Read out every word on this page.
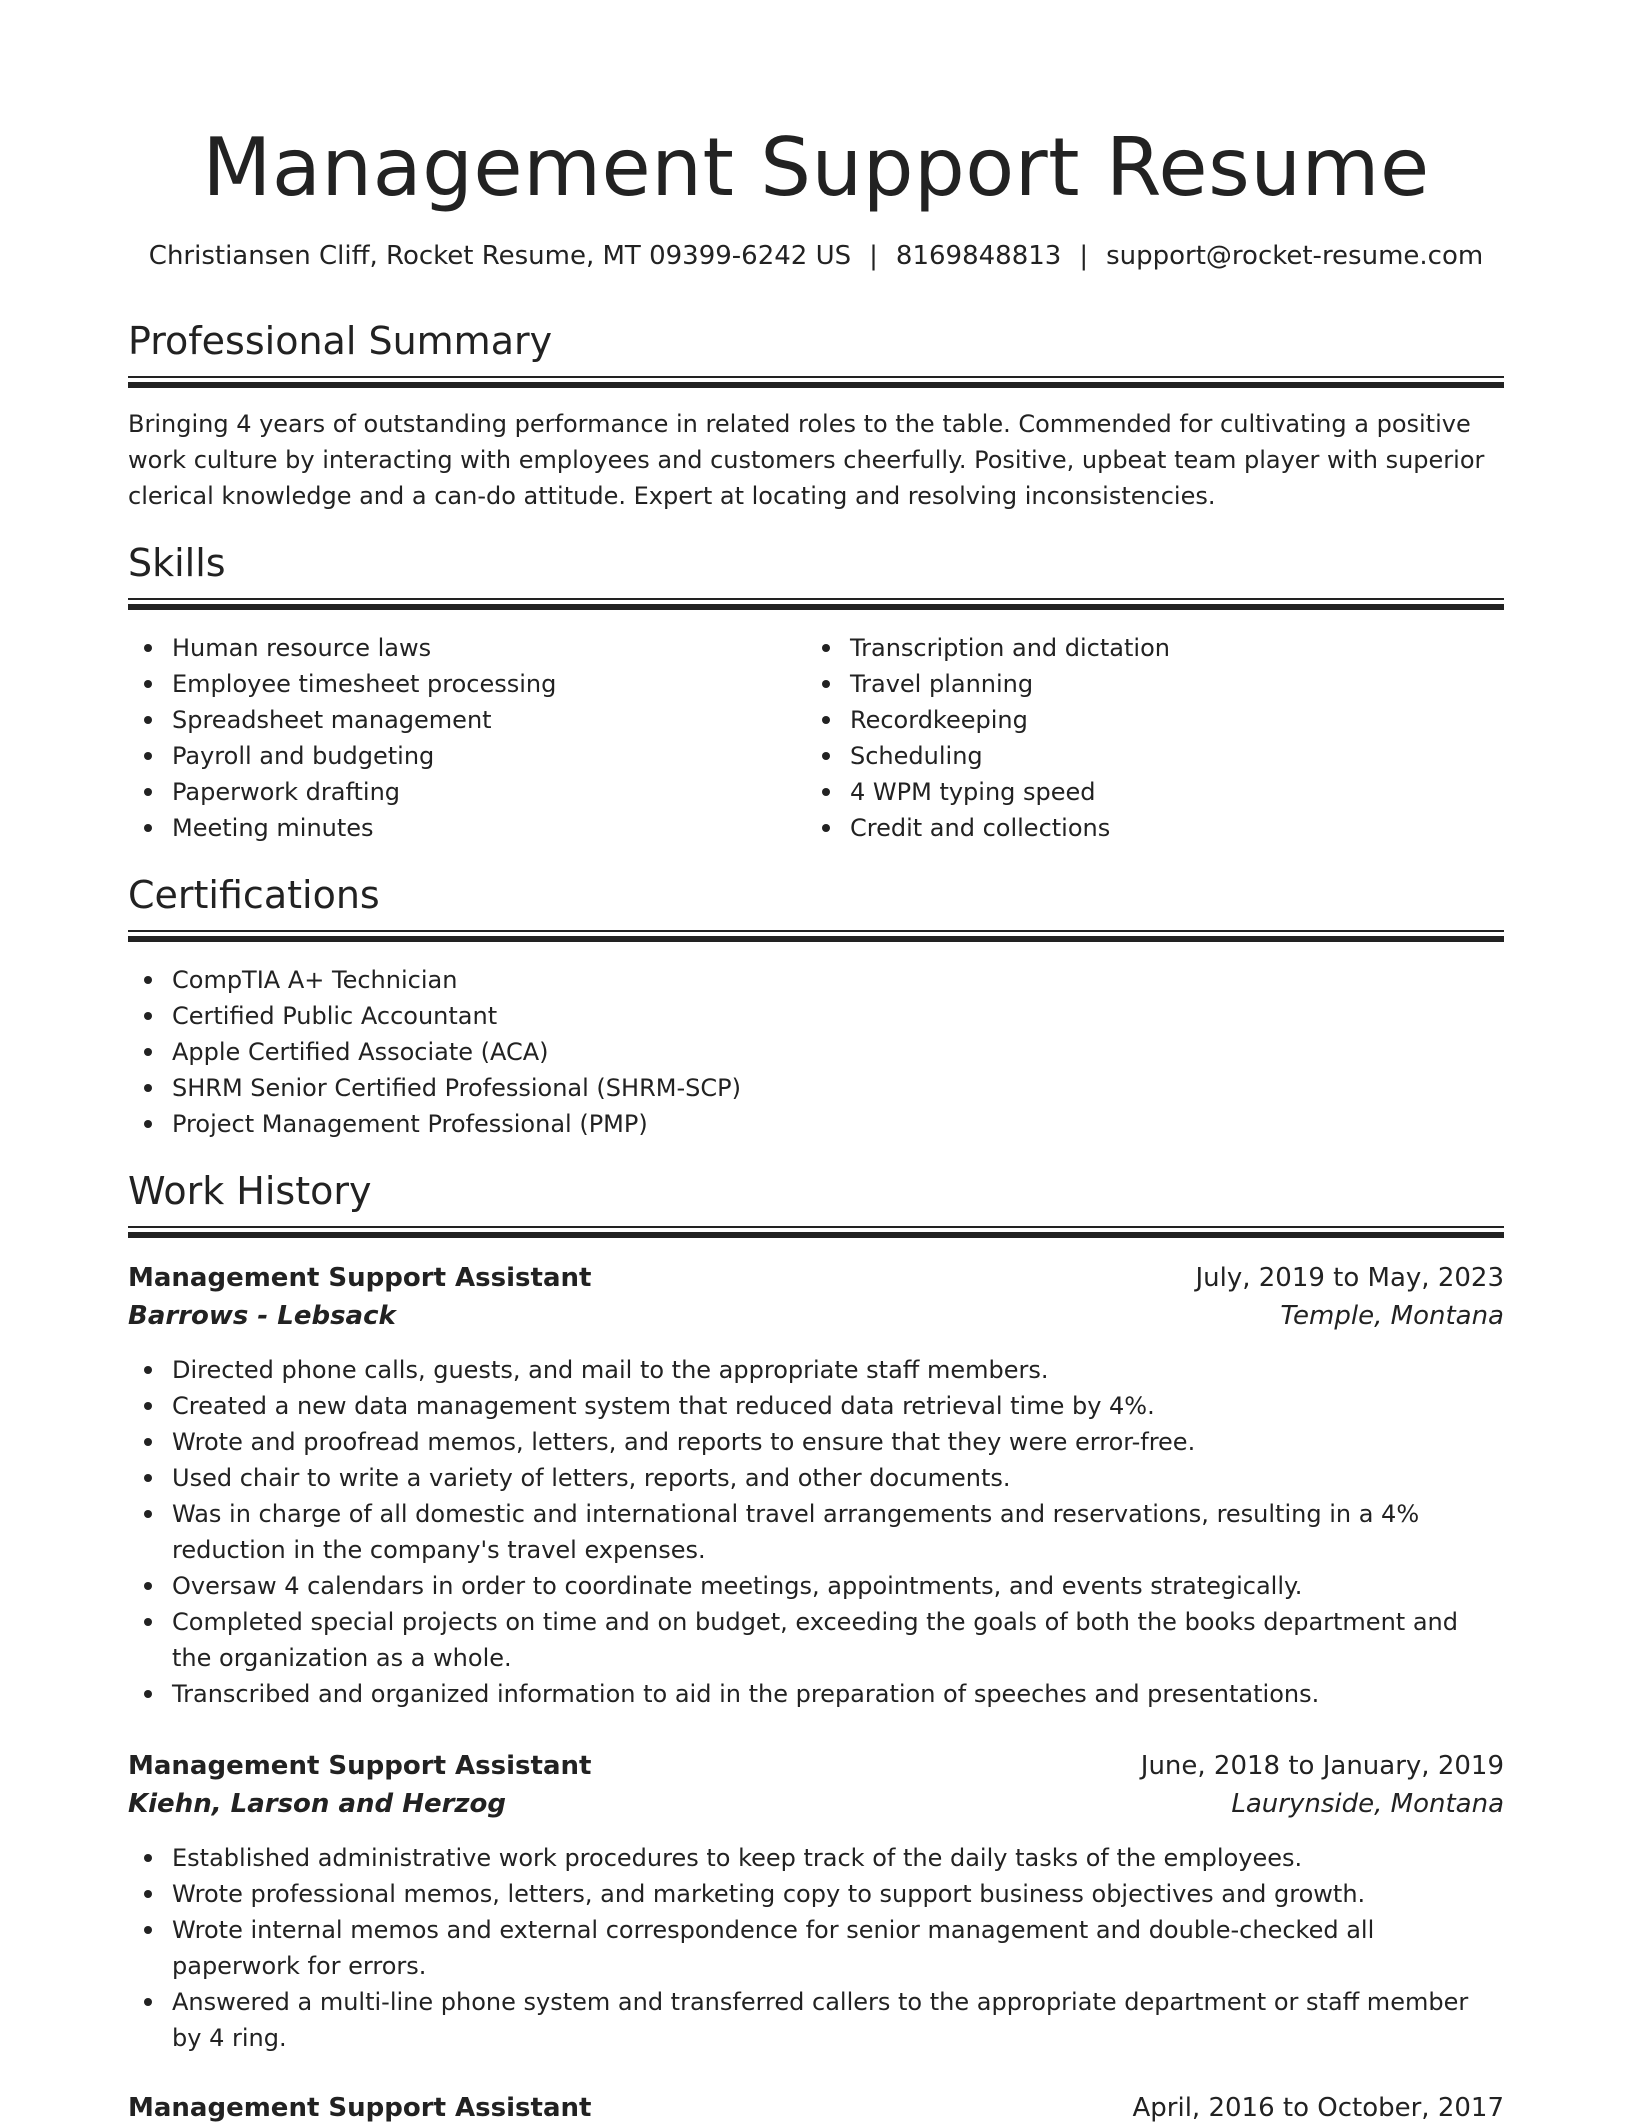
Management Support Resume
Christiansen Cliff, Rocket Resume, MT 09399-6242 US | 8169848813 | support@rocket-resume.com
Professional Summary
Bringing 4 years of outstanding performance in related roles to the table. Commended for cultivating a positive work culture by interacting with employees and customers cheerfully. Positive, upbeat team player with superior clerical knowledge and a can-do attitude. Expert at locating and resolving inconsistencies.
Skills
Human resource laws
Employee timesheet processing
Spreadsheet management
Payroll and budgeting
Paperwork drafting
Meeting minutes
Transcription and dictation
Travel planning
Recordkeeping
Scheduling
4 WPM typing speed
Credit and collections
Certifications
CompTIA A+ Technician
Certified Public Accountant
Apple Certified Associate (ACA)
SHRM Senior Certified Professional (SHRM-SCP)
Project Management Professional (PMP)
Work History
Management Support Assistant	July, 2019 to May, 2023
Barrows - Lebsack	Temple, Montana
Directed phone calls, guests, and mail to the appropriate staff members.
Created a new data management system that reduced data retrieval time by 4%.
Wrote and proofread memos, letters, and reports to ensure that they were error-free.
Used chair to write a variety of letters, reports, and other documents.
Was in charge of all domestic and international travel arrangements and reservations, resulting in a 4% reduction in the company's travel expenses.
Oversaw 4 calendars in order to coordinate meetings, appointments, and events strategically.
Completed special projects on time and on budget, exceeding the goals of both the books department and the organization as a whole.
Transcribed and organized information to aid in the preparation of speeches and presentations.
Management Support Assistant	June, 2018 to January, 2019
Kiehn, Larson and Herzog	Laurynside, Montana
Established administrative work procedures to keep track of the daily tasks of the employees.
Wrote professional memos, letters, and marketing copy to support business objectives and growth.
Wrote internal memos and external correspondence for senior management and double-checked all paperwork for errors.
Answered a multi-line phone system and transferred callers to the appropriate department or staff member by 4 ring.
Management Support Assistant	April, 2016 to October, 2017
